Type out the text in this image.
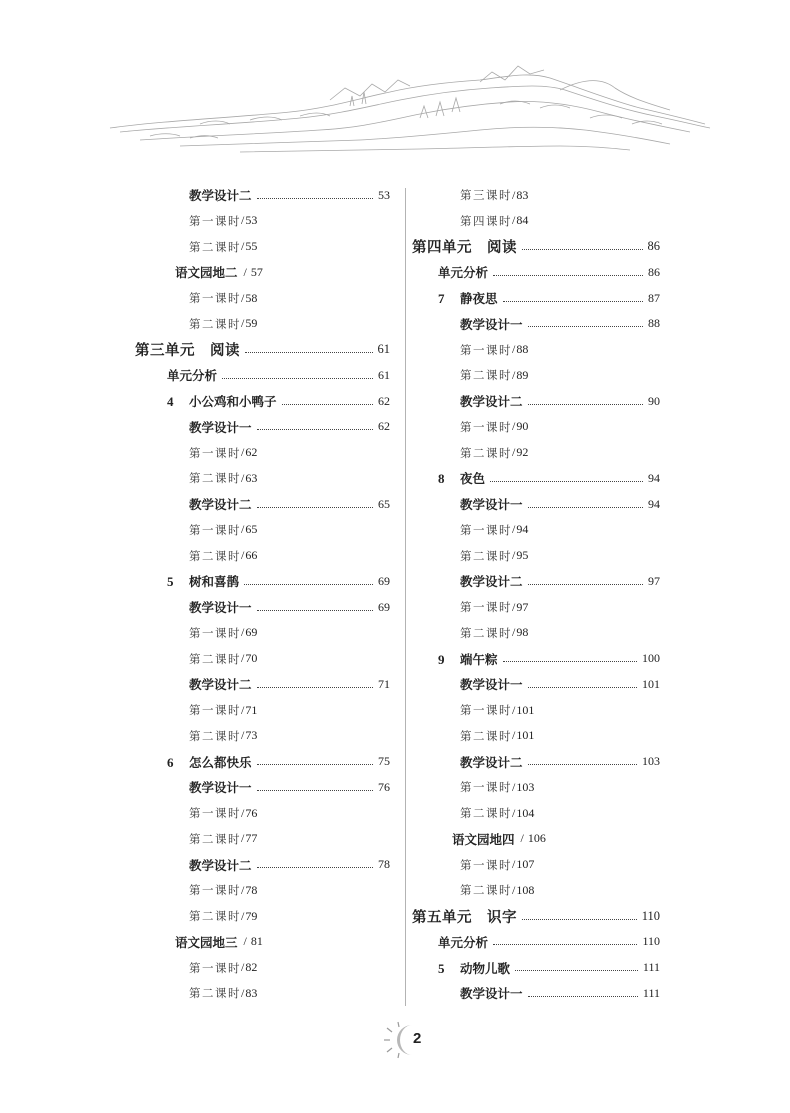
教学设计二	53
第一课时 / 53
第二课时 / 55
语文园地二 / 57
第一课时 / 58
第二课时 / 59
第三单元　阅读	61
单元分析	61
4 小公鸡和小鸭子	62
教学设计一	62
第一课时 / 62
第二课时 / 63
教学设计二	65
第一课时 / 65
第二课时 / 66
5 树和喜鹊	69
教学设计一	69
第一课时 / 69
第二课时 / 70
教学设计二	71
第一课时 / 71
第二课时 / 73
6 怎么都快乐	75
教学设计一	76
第一课时 / 76
第二课时 / 77
教学设计二	78
第一课时 / 78
第二课时 / 79
语文园地三 / 81
第一课时 / 82
第二课时 / 83
第三课时 / 83
第四课时 / 84
第四单元　阅读	86
单元分析	86
7 静夜思	87
教学设计一	88
第一课时 / 88
第二课时 / 89
教学设计二	90
第一课时 / 90
第二课时 / 92
8 夜色	94
教学设计一	94
第一课时 / 94
第二课时 / 95
教学设计二	97
第一课时 / 97
第二课时 / 98
9 端午粽	100
教学设计一	101
第一课时 / 101
第二课时 / 101
教学设计二	103
第一课时 / 103
第二课时 / 104
语文园地四 / 106
第一课时 / 107
第二课时 / 108
第五单元　识字	110
单元分析	110
5 动物儿歌	111
教学设计一	111
2
